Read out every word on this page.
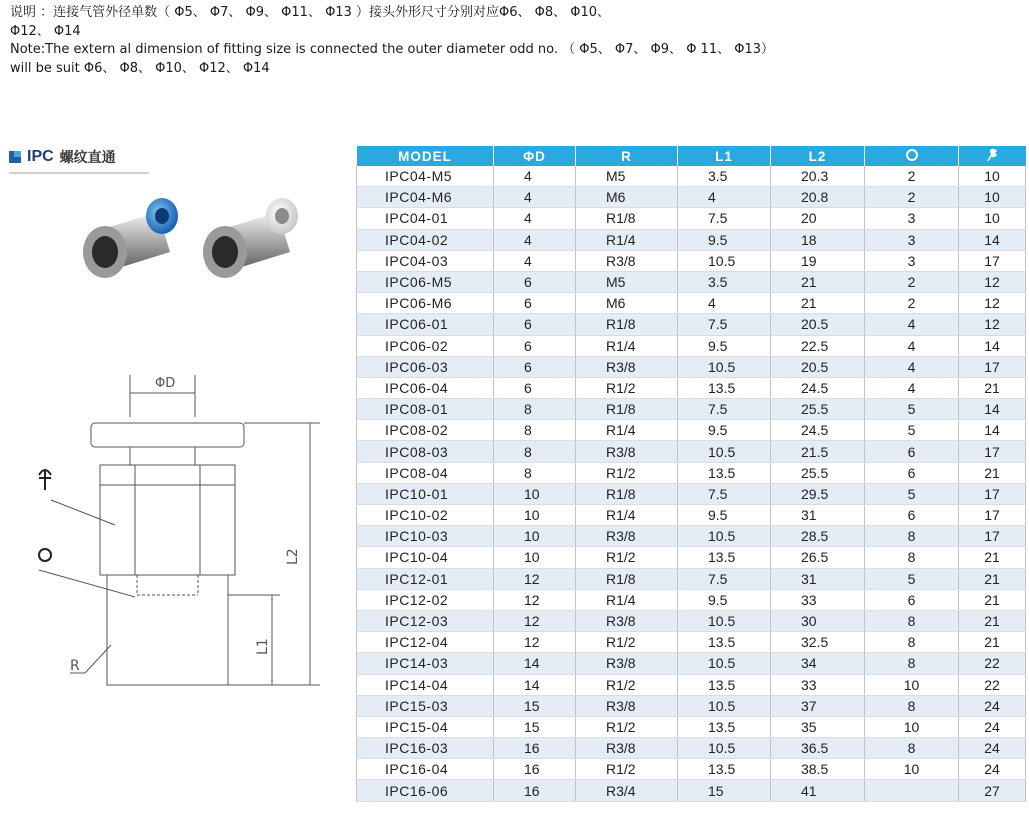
说明 ：连接气管外径单数（ Φ5、 Φ7、 Φ9、 Φ11、 Φ13 ）接头外形尺寸分别对应Φ6、 Φ8、 Φ10、
Φ12、 Φ14
Note:The extern al dimension of fitting size is connected the outer diameter odd no. （ Φ5、 Φ7、 Φ9、 Φ 11、 Φ13）
will be suit Φ6、 Φ8、 Φ10、 Φ12、 Φ14
IPC 螺纹直通
ΦD
L2
L1
R
MODEL	ΦD	R	L1	L2		
IPC04-M5	4	M5	3.5	20.3	2	10
IPC04-M6	4	M6	4	20.8	2	10
IPC04-01	4	R1/8	7.5	20	3	10
IPC04-02	4	R1/4	9.5	18	3	14
IPC04-03	4	R3/8	10.5	19	3	17
IPC06-M5	6	M5	3.5	21	2	12
IPC06-M6	6	M6	4	21	2	12
IPC06-01	6	R1/8	7.5	20.5	4	12
IPC06-02	6	R1/4	9.5	22.5	4	14
IPC06-03	6	R3/8	10.5	20.5	4	17
IPC06-04	6	R1/2	13.5	24.5	4	21
IPC08-01	8	R1/8	7.5	25.5	5	14
IPC08-02	8	R1/4	9.5	24.5	5	14
IPC08-03	8	R3/8	10.5	21.5	6	17
IPC08-04	8	R1/2	13.5	25.5	6	21
IPC10-01	10	R1/8	7.5	29.5	5	17
IPC10-02	10	R1/4	9.5	31	6	17
IPC10-03	10	R3/8	10.5	28.5	8	17
IPC10-04	10	R1/2	13.5	26.5	8	21
IPC12-01	12	R1/8	7.5	31	5	21
IPC12-02	12	R1/4	9.5	33	6	21
IPC12-03	12	R3/8	10.5	30	8	21
IPC12-04	12	R1/2	13.5	32.5	8	21
IPC14-03	14	R3/8	10.5	34	8	22
IPC14-04	14	R1/2	13.5	33	10	22
IPC15-03	15	R3/8	10.5	37	8	24
IPC15-04	15	R1/2	13.5	35	10	24
IPC16-03	16	R3/8	10.5	36.5	8	24
IPC16-04	16	R1/2	13.5	38.5	10	24
IPC16-06	16	R3/4	15	41		27
